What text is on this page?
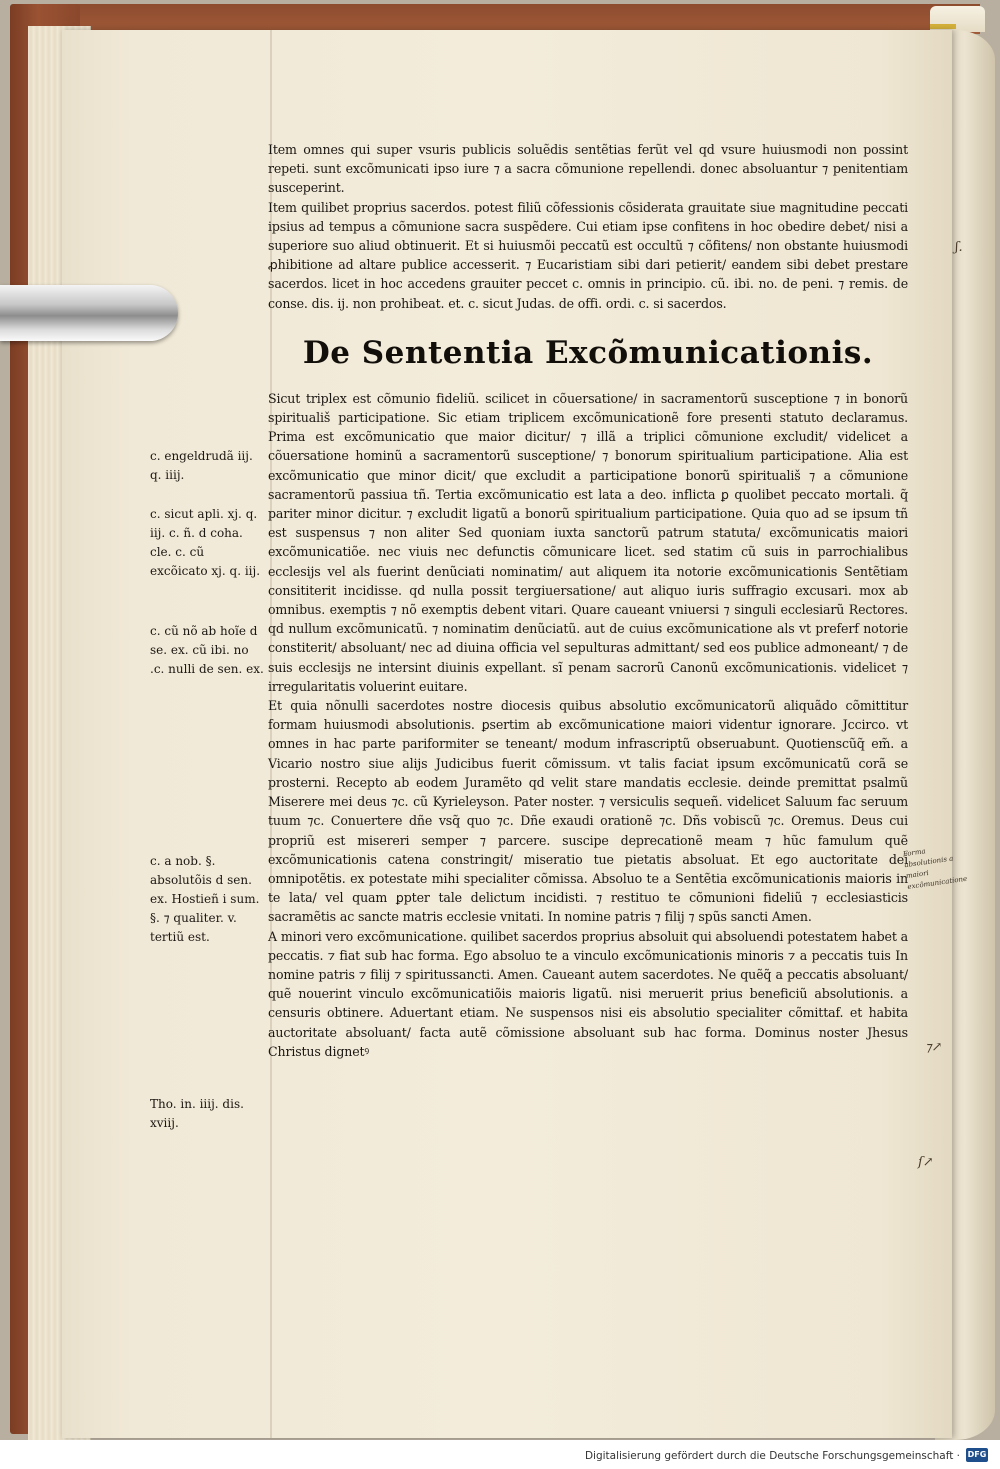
Item omnes qui super vsuris publicis soluẽdis sentẽtias ferũt vel qd vsure huiusmodi non possint repeti. sunt excõmunicati ipso iure ⁊ a sacra cõmunione repellendi. donec absoluantur ⁊ penitentiam susceperint.

Item quilibet proprius sacerdos. potest filiũ cõfessionis cõsiderata grauitate siue magnitudine peccati ipsius ad tempus a cõmunione sacra suspẽdere. Cui etiam ipse confitens in hoc obedire debet/ nisi a superiore suo aliud obtinuerit. Et si huiusmõi peccatũ est occultũ ⁊ cõfitens/ non obstante huiusmodi ꝓhibitione ad altare publice accesserit. ⁊ Eucaristiam sibi dari petierit/ eandem sibi debet prestare sacerdos. licet in hoc accedens grauiter peccet c. omnis in principio. cũ. ibi. no. de peni. ⁊ remis. de conse. dis. ij. non prohibeat. et. c. sicut Judas. de offi. ordi. c. si sacerdos.

De Sententia Excõmunicationis.

Sicut triplex est cõmunio fideliũ. scilicet in cõuersatione/ in sacramentorũ susceptione ⁊ in bonorũ spirituališ participatione. Sic etiam triplicem excõmunicationẽ fore presenti statuto declaramus. Prima est excõmunicatio que maior dicitur/ ⁊ illã a triplici cõmunione excludit/ videlicet a cõuersatione hominũ a sacramentorũ susceptione/ ⁊ bonorum spiritualium participatione. Alia est excõmunicatio que minor dicit/ que excludit a participatione bonorũ spirituališ ⁊ a cõmunione sacramentorũ passiua tñ. Tertia excõmunicatio est lata a deo. inflicta ꝑ quolibet peccato mortali. q̃ pariter minor dicitur. ⁊ excludit ligatũ a bonorũ spiritualium participatione. Quia quo ad se ipsum tñ est suspensus ⁊ non aliter Sed quoniam iuxta sanctorũ patrum statuta/ excõmunicatis maiori excõmunicatiõe. nec viuis nec defunctis cõmunicare licet. sed statim cũ suis in parrochialibus ecclesijs vel als fuerint denũciati nominatim/ aut aliquem ita notorie excõmunicationis Sentẽtiam consititerit incidisse. qd nulla possit tergiuersatione/ aut aliquo iuris suffragio excusari. mox ab omnibus. exemptis ⁊ nõ exemptis debent vitari. Quare caueant vniuersi ⁊ singuli ecclesiarũ Rectores. qd nullum excõmunicatũ. ⁊ nominatim denũciatũ. aut de cuius excõmunicatione als vt preferf notorie constiterit/ absoluant/ nec ad diuina officia vel sepulturas admittant/ sed eos publice admoneant/ ⁊ de suis ecclesijs ne intersint diuinis expellant. sĩ penam sacrorũ Canonũ excõmunicationis. videlicet ⁊ irregularitatis voluerint euitare.

Et quia nõnulli sacerdotes nostre diocesis quibus absolutio excõmunicatorũ aliquãdo cõmittitur formam huiusmodi absolutionis. ꝑsertim ab excõmunicatione maiori videntur ignorare. Jccirco. vt omnes in hac parte pariformiter se teneant/ modum infrascriptũ obseruabunt. Quotienscũq̃ em̃. a Vicario nostro siue alijs Judicibus fuerit cõmissum. vt talis faciat ipsum excõmunicatũ corã se prosterni. Recepto ab eodem Juramẽto qd velit stare mandatis ecclesie. deinde premittat psalmũ Miserere mei deus ⁊c. cũ Kyrieleyson. Pater noster. ⁊ versiculis sequeñ. videlicet Saluum fac seruum tuum ⁊c. Conuertere dñe vsq̃ quo ⁊c. Dñe exaudi orationẽ ⁊c. Dñs vobiscũ ⁊c. Oremus. Deus cui propriũ est misereri semper ⁊ parcere. suscipe deprecationẽ meam ⁊ hũc famulum quẽ excõmunicationis catena constringit/ miseratio tue pietatis absoluat. Et ego auctoritate dei omnipotẽtis. ex potestate mihi specialiter cõmissa. Absoluo te a Sentẽtia excõmunicationis maioris in te lata/ vel quam ꝑpter tale delictum incidisti. ⁊ restituo te cõmunioni fideliũ ⁊ ecclesiasticis sacramẽtis ac sancte matris ecclesie vnitati. In nomine patris ⁊ filij ⁊ spũs sancti Amen.

A minori vero excõmunicatione. quilibet sacerdos proprius absoluit qui absoluendi potestatem habet a peccatis. ⁊ fiat sub hac forma. Ego absoluo te a vinculo excõmunicationis minoris ⁊ a peccatis tuis In nomine patris ⁊ filij ⁊ spiritussancti. Amen. Caueant autem sacerdotes. Ne quẽq̃ a peccatis absoluant/ quẽ nouerint vinculo excõmunicatiõis maioris ligatũ. nisi meruerit prius beneficiũ absolutionis. a censuris obtinere. Aduertant etiam. Ne suspensos nisi eis absolutio specialiter cõmittaf. et habita auctoritate absoluant/ facta autẽ cõmissione absoluant sub hac forma. Dominus noster Jhesus Christus dignetꝰ

c. engeldrudã iij. q. iiij.

c. sicut apli. xj. q. iij. c. ñ. d coha. cle. c. cũ excõicato xj. q. iij.

c. cũ nõ ab hoĩe d se. ex. cũ ibi. no .c. nulli de sen. ex.

c. a nob. §. absolutõis d sen. ex. Hostieñ i sum. §. ⁊ qualiter. v. tertiũ est.

Tho. in. iiij. dis. xviij.

Forma absolutionis a maiori excõmunicatione
ʃ.
⁊↗
ſ↗
Digitalisierung gefördert durch die Deutsche Forschungsgemeinschaft · DFG
